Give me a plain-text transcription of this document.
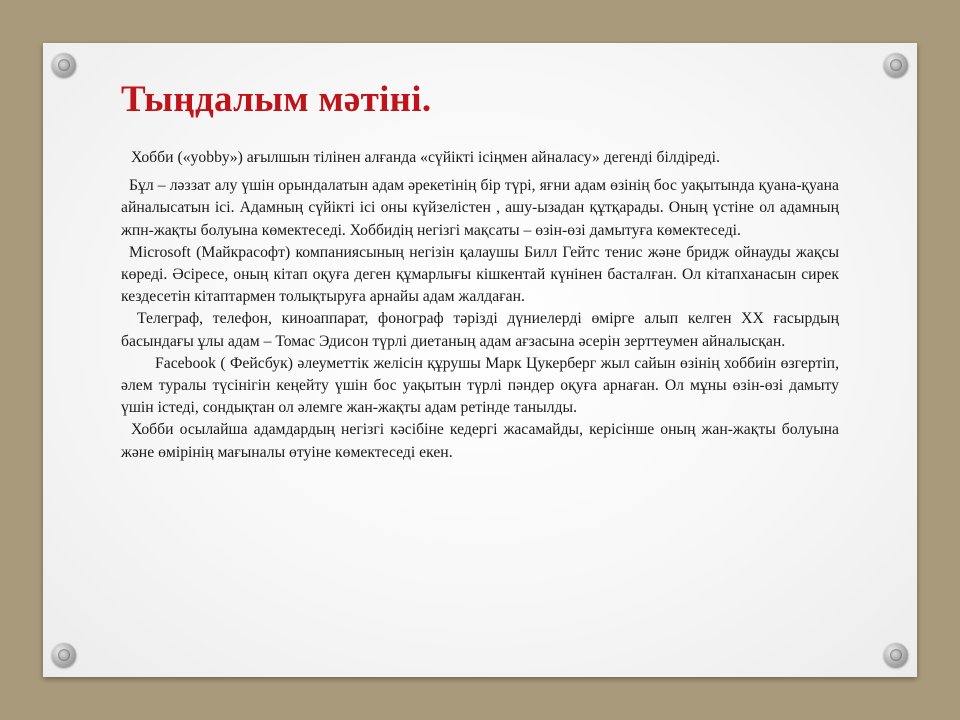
Тыңдалым мәтіні.

Хобби («yobby») ағылшын тілінен алғанда «сүйікті ісіңмен айналасу» дегенді білдіреді.

Бұл – ләззат алу үшін орындалатын адам әрекетінің бір түрі, яғни адам өзінің бос уақытында қуана-қуана айналысатын ісі. Адамның сүйікті ісі оны күйзелістен , ашу-ызадан құтқарады. Оның үстіне ол адамның жпн-жақты болуына көмектеседі. Хоббидің негізгі мақсаты – өзін-өзі дамытуға көмектеседі.

Microsoft (Майкрасофт) компаниясының негізін қалаушы Билл Гейтс тенис және бридж ойнауды жақсы көреді. Әсіресе, оның кітап оқуға деген құмарлығы кішкентай күнінен басталған. Ол кітапханасын сирек кездесетін кітаптармен толықтыруға арнайы адам жалдаған.

Телеграф, телефон, киноаппарат, фонограф тәрізді дүниелерді өмірге алып келген XX ғасырдың басындағы ұлы адам – Томас Эдисон түрлі диетаның адам ағзасына әсерін зерттеумен айналысқан.

Facebook ( Фейсбук) әлеуметтік желісін құрушы Марк Цукерберг жыл сайын өзінің хоббиін өзгертіп, әлем туралы түсінігін кеңейту үшін бос уақытын түрлі пәндер оқуға арнаған. Ол мұны өзін-өзі дамыту үшін істеді, сондықтан ол әлемге жан-жақты адам ретінде танылды.

Хобби осылайша адамдардың негізгі кәсібіне кедергі жасамайды, керісінше оның жан-жақты болуына және өмірінің мағыналы өтуіне көмектеседі екен.
